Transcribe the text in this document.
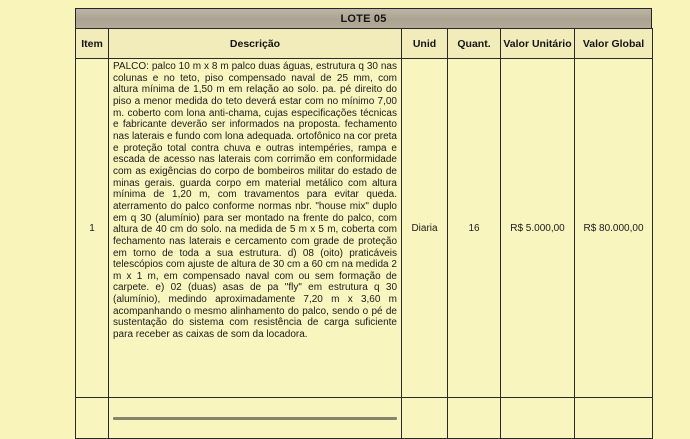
LOTE 05
Item	Descrição	Unid	Quant.	Valor Unitário	Valor Global
1	PALCO: palco 10 m x 8 m palco duas águas, estrutura q 30 nas colunas e no teto, piso compensado naval de 25 mm, com altura mínima de 1,50 m em relação ao solo. pa. pé direito do piso a menor medida do teto deverá estar com no mínimo 7,00 m. coberto com lona anti-chama, cujas especificações técnicas e fabricante deverão ser informados na proposta. fechamento nas laterais e fundo com lona adequada. ortofônico na cor preta e proteção total contra chuva e outras intempéries, rampa e escada de acesso nas laterais com corrimão em conformidade com as exigências do corpo de bombeiros militar do estado de minas gerais. guarda corpo em material metálico com altura mínima de 1,20 m, com travamentos para evitar queda. aterramento do palco conforme normas nbr. "house mix" duplo em q 30 (alumínio) para ser montado na frente do palco, com altura de 40 cm do solo. na medida de 5 m x 5 m, coberta com fechamento nas laterais e cercamento com grade de proteção em torno de toda a sua estrutura. d) 08 (oito) praticáveis telescópios com ajuste de altura de 30 cm a 60 cm na medida 2 m x 1 m, em compensado naval com ou sem formação de carpete. e) 02 (duas) asas de pa "fly" em estrutura q 30 (alumínio), medindo aproximadamente 7,20 m x 3,60 m acompanhando o mesmo alinhamento do palco, sendo o pé de sustentação do sistema com resistência de carga suficiente para receber as caixas de som da locadora.	Diaria	16	R$ 5.000,00	R$ 80.000,00
